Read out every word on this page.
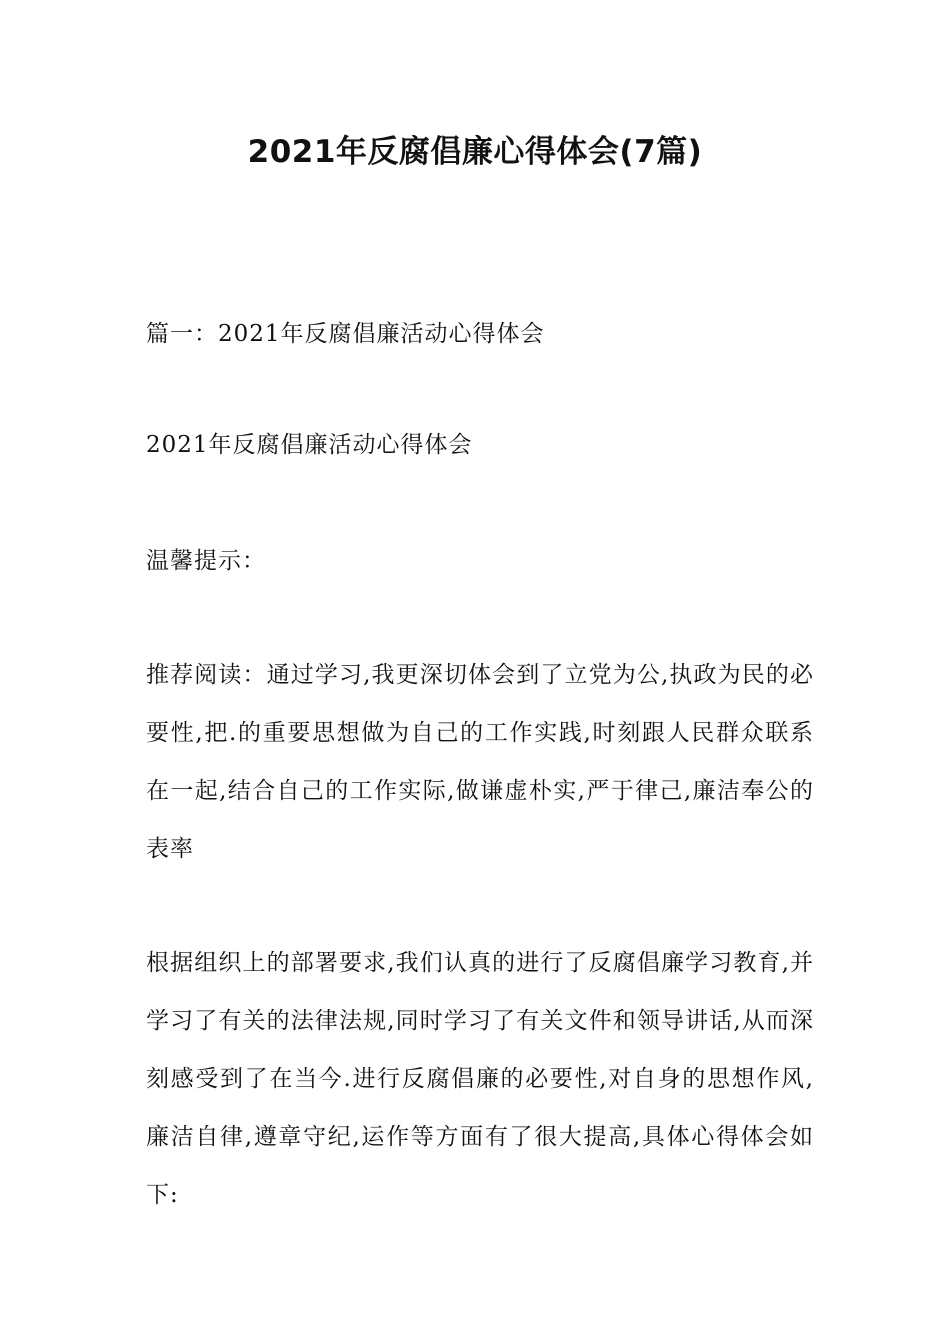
2021年反腐倡廉心得体会(7篇)

篇一：2021年反腐倡廉活动心得体会

2021年反腐倡廉活动心得体会

温馨提示：

推荐阅读：通过学习,我更深切体会到了立党为公,执政为民的必要性,把.的重要思想做为自己的工作实践,时刻跟人民群众联系在一起,结合自己的工作实际,做谦虚朴实,严于律己,廉洁奉公的表率

根据组织上的部署要求,我们认真的进行了反腐倡廉学习教育,并学习了有关的法律法规,同时学习了有关文件和领导讲话,从而深刻感受到了在当今.进行反腐倡廉的必要性,对自身的思想作风,廉洁自律,遵章守纪,运作等方面有了很大提高,具体心得体会如下:
